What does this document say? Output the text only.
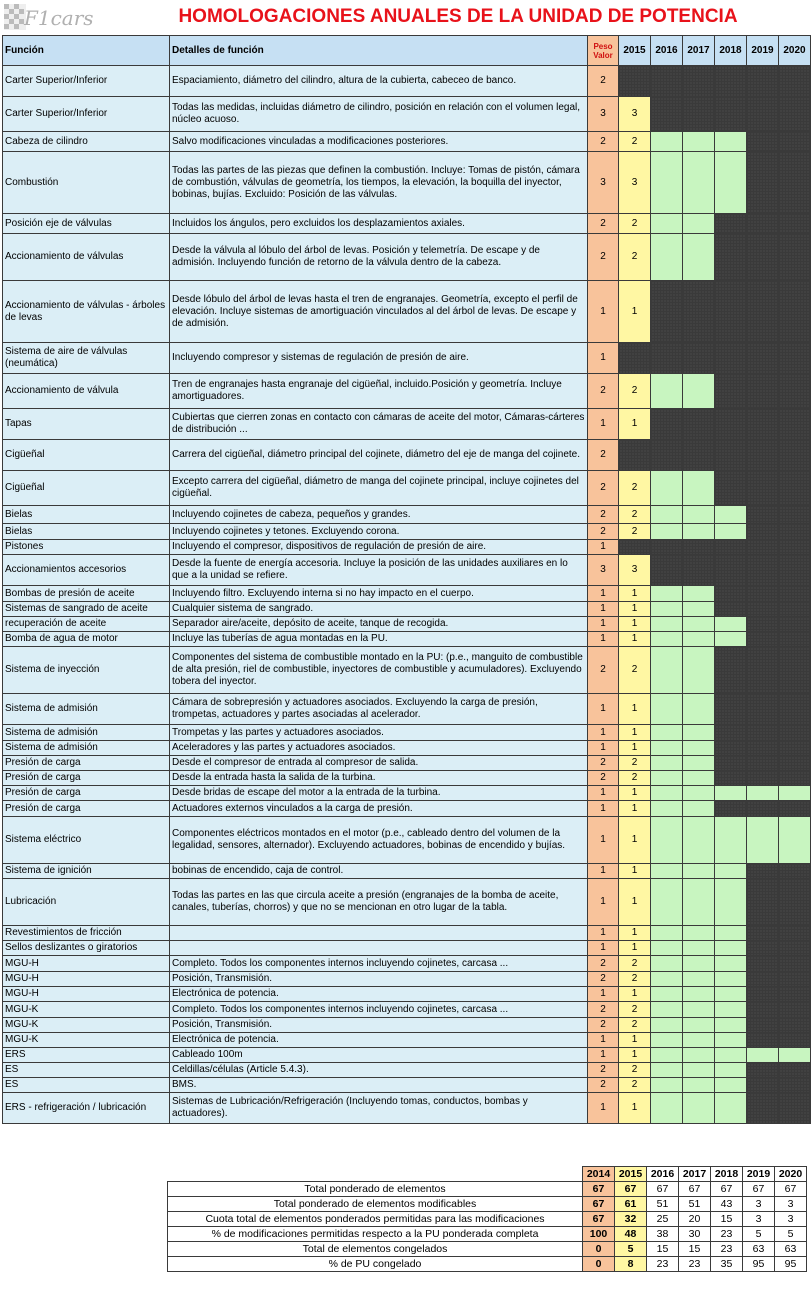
F1cars	HOMOLOGACIONES ANUALES DE LA UNIDAD DE POTENCIA
Función	Detalles de función	Peso Valor	2015	2016	2017	2018	2019	2020
Carter Superior/Inferior	Espaciamiento, diámetro del cilindro, altura de la cubierta, cabeceo de banco.	2						
Carter Superior/Inferior	Todas las medidas, incluidas diámetro de cilindro, posición en relación con el volumen legal, núcleo acuoso.	3	3					
Cabeza de cilindro	Salvo modificaciones vinculadas a modificaciones posteriores.	2	2					
Combustión	Todas las partes de las piezas que definen la combustión. Incluye: Tomas de pistón, cámara de combustión, válvulas de geometría, los tiempos, la elevación, la boquilla del inyector, bobinas, bujías. Excluido: Posición de las válvulas.	3	3					
Posición eje de válvulas	Incluidos los ángulos, pero excluidos los desplazamientos axiales.	2	2					
Accionamiento de válvulas	Desde la válvula al lóbulo del árbol de levas. Posición y telemetría. De escape y de admisión. Incluyendo función de retorno de la válvula dentro de la cabeza.	2	2					
Accionamiento de válvulas - árboles de levas	Desde lóbulo del árbol de levas hasta el tren de engranajes. Geometría, excepto el perfil de elevación. Incluye sistemas de amortiguación vinculados al del árbol de levas. De escape y de admisión.	1	1					
Sistema de aire de válvulas (neumática)	Incluyendo compresor y sistemas de regulación de presión de aire.	1						
Accionamiento de válvula	Tren de engranajes hasta engranaje del cigüeñal, incluido.Posición y geometría. Incluye amortiguadores.	2	2					
Tapas	Cubiertas que cierren zonas en contacto con cámaras de aceite del motor, Cámaras-cárteres de distribución ...	1	1					
Cigüeñal	Carrera del cigüeñal, diámetro principal del cojinete, diámetro del eje de manga del cojinete.	2						
Cigüeñal	Excepto carrera del cigüeñal, diámetro de manga del cojinete principal, incluye cojinetes del cigüeñal.	2	2					
Bielas	Incluyendo cojinetes de cabeza, pequeños y grandes.	2	2					
Bielas	Incluyendo cojinetes y tetones. Excluyendo corona.	2	2					
Pistones	Incluyendo el compresor, dispositivos de regulación de presión de aire.	1						
Accionamientos accesorios	Desde la fuente de energía accesoria. Incluye la posición de las unidades auxiliares en lo que a la unidad se refiere.	3	3					
Bombas de presión de aceite	Incluyendo filtro. Excluyendo interna si no hay impacto en el cuerpo.	1	1					
Sistemas de sangrado de aceite	Cualquier sistema de sangrado.	1	1					
recuperación de aceite	Separador aire/aceite, depósito de aceite, tanque de recogida.	1	1					
Bomba de agua de motor	Incluye las tuberías de agua montadas en la PU.	1	1					
Sistema de inyección	Componentes del sistema de combustible montado en la PU: (p.e., manguito de combustible de alta presión, riel de combustible, inyectores de combustible y acumuladores). Excluyendo tobera del inyector.	2	2					
Sistema de admisión	Cámara de sobrepresión y actuadores asociados. Excluyendo la carga de presión, trompetas, actuadores y partes asociadas al acelerador.	1	1					
Sistema de admisión	Trompetas y las partes y actuadores asociados.	1	1					
Sistema de admisión	Aceleradores y las partes y actuadores asociados.	1	1					
Presión de carga	Desde el compresor de entrada al compresor de salida.	2	2					
Presión de carga	Desde la entrada hasta la salida de la turbina.	2	2					
Presión de carga	Desde bridas de escape del motor a la entrada de la turbina.	1	1					
Presión de carga	Actuadores externos vinculados a la carga de presión.	1	1					
Sistema eléctrico	Componentes eléctricos montados en el motor (p.e., cableado dentro del volumen de la legalidad, sensores, alternador). Excluyendo actuadores, bobinas de encendido y bujías.	1	1					
Sistema de ignición	bobinas de encendido, caja de control.	1	1					
Lubricación	Todas las partes en las que circula aceite a presión (engranajes de la bomba de aceite, canales, tuberías, chorros) y que no se mencionan en otro lugar de la tabla.	1	1					
Revestimientos de fricción		1	1					
Sellos deslizantes o giratorios		1	1					
MGU-H	Completo. Todos los componentes internos incluyendo cojinetes, carcasa ...	2	2					
MGU-H	Posición, Transmisión.	2	2					
MGU-H	Electrónica de potencia.	1	1					
MGU-K	Completo. Todos los componentes internos incluyendo cojinetes, carcasa ...	2	2					
MGU-K	Posición, Transmisión.	2	2					
MGU-K	Electrónica de potencia.	1	1					
ERS	Cableado 100m	1	1					
ES	Celdillas/células (Article 5.4.3).	2	2					
ES	BMS.	2	2					
ERS - refrigeración / lubricación	Sistemas de Lubricación/Refrigeración (Incluyendo tomas, conductos, bombas y actuadores).	1	1					
	2014	2015	2016	2017	2018	2019	2020
Total ponderado de elementos	67	67	67	67	67	67	67
Total ponderado de elementos modificables	67	61	51	51	43	3	3
Cuota total de elementos ponderados permitidas para las modificaciones	67	32	25	20	15	3	3
% de modificaciones permitidas respecto a la PU ponderada completa	100	48	38	30	23	5	5
Total de elementos congelados	0	5	15	15	23	63	63
% de PU congelado	0	8	23	23	35	95	95
